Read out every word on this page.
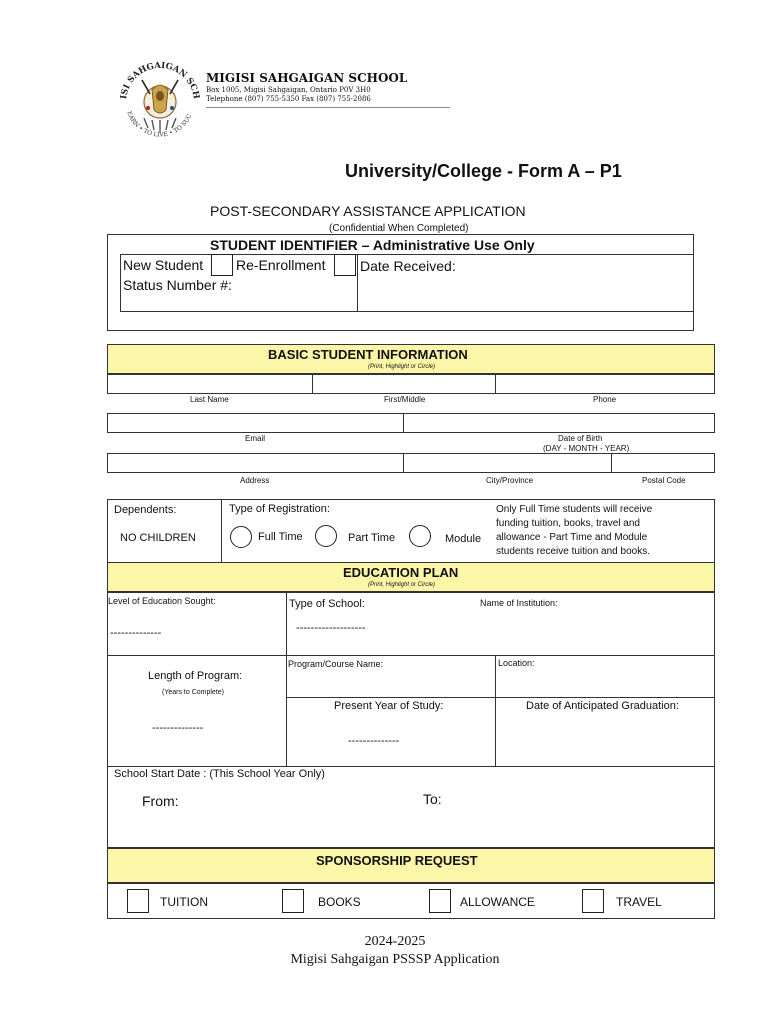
ISI SAHGAIGAN SCH
EARN • TO LIVE • TO SUC
MIGISI SAHGAIGAN SCHOOL
Box 1005, Migisi Sahgaigan, Ontario P0V 3H0
Telephone (807) 755-5350 Fax (807) 755-2086
University/College - Form A – P1
POST-SECONDARY ASSISTANCE APPLICATION
(Confidential When Completed)
STUDENT IDENTIFIER – Administrative Use Only
New Student Re-Enrollment Date Received:
Status Number #:
BASIC STUDENT INFORMATION
(Print, Highlight or Circle)
Last Name	First/Middle	Phone
Email	Date of Birth
(DAY - MONTH - YEAR)
Address	City/Province	Postal Code
Dependents:
NO CHILDREN
Type of Registration:
Full Time	Part Time	Module
Only Full Time students will receive
funding tuition, books, travel and
allowance - Part Time and Module
students receive tuition and books.
EDUCATION PLAN
(Print, Highlight or Circle)
Level of Education Sought:
--------------
Type of School:
-------------------
Name of Institution:
Length of Program:
(Years to Complete)
--------------
Program/Course Name:	Location:
Present Year of Study:
--------------
Date of Anticipated Graduation:
School Start Date : (This School Year Only)
From:	To:
SPONSORSHIP REQUEST
TUITION	BOOKS	ALLOWANCE	TRAVEL
2024-2025
Migisi Sahgaigan PSSSP Application
